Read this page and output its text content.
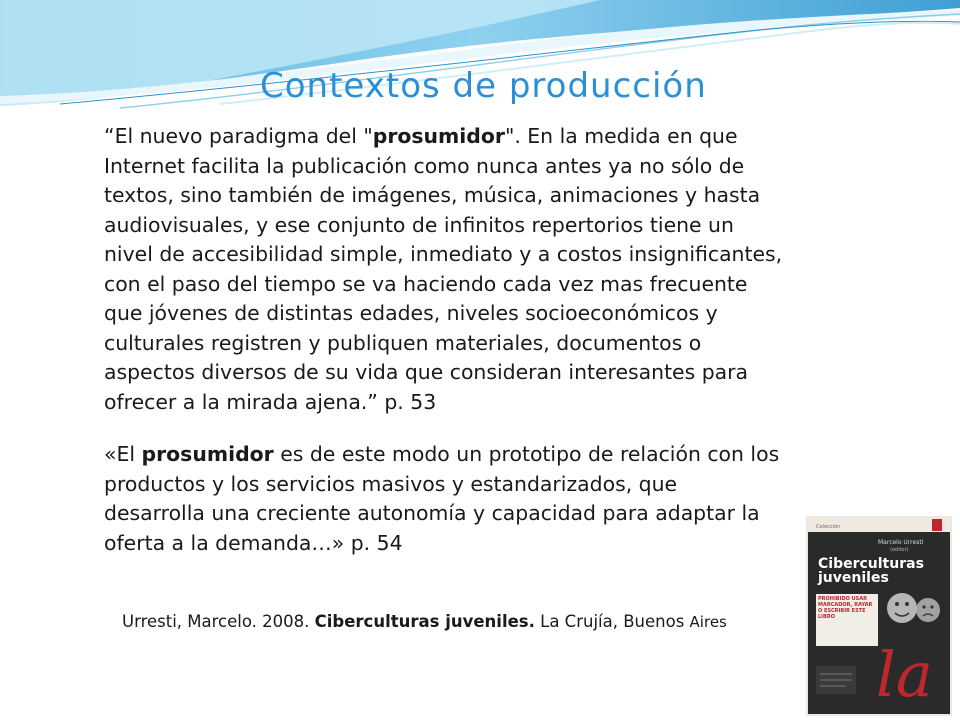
Contextos de producción

“El nuevo paradigma del "prosumidor". En la medida en que Internet facilita la publicación como nunca antes ya no sólo de textos, sino también de imágenes, música, animaciones y hasta audiovisuales, y ese conjunto de infinitos repertorios tiene un nivel de accesibilidad simple, inmediato y a costos insignificantes, con el paso del tiempo se va haciendo cada vez mas frecuente que jóvenes de distintas edades, niveles socioeconómicos y culturales registren y publiquen materiales, documentos o aspectos diversos de su vida que consideran interesantes para ofrecer a la mirada ajena.” p. 53

«El prosumidor es de este modo un prototipo de relación con los productos y los servicios masivos y estandarizados, que desarrolla una creciente autonomía y capacidad para adaptar la oferta a la demanda…» p. 54

Urresti, Marcelo. 2008. Ciberculturas juveniles. La Crujía, Buenos Aires
Colección
Marcelo Urresti
(editor)
Ciberculturas
juveniles
PROHIBIDO USAR MARCADOR, RAYAR O ESCRIBIR ESTE LIBRO
la
